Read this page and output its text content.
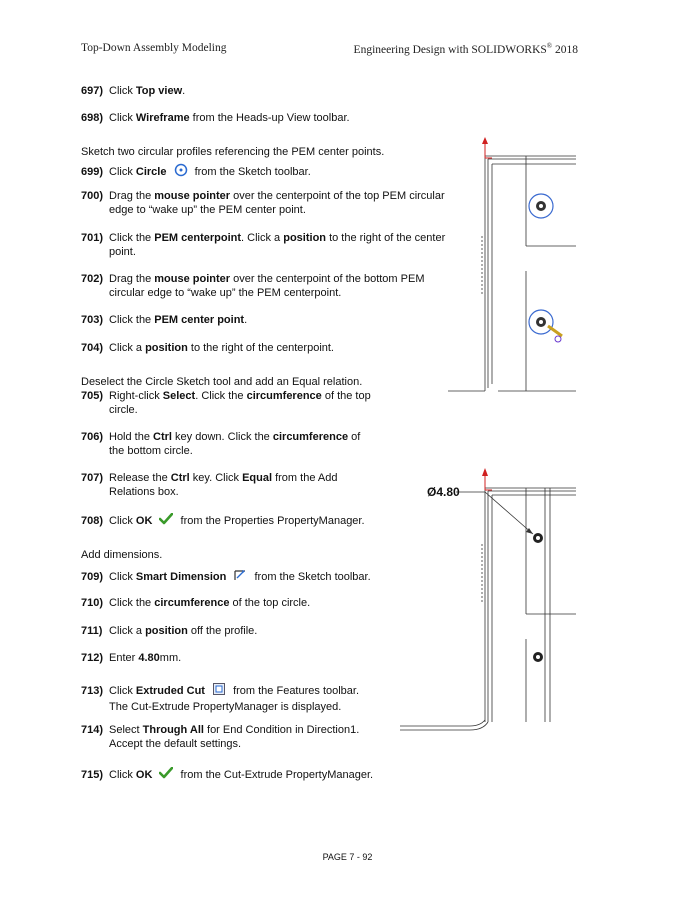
Top-Down Assembly Modeling	Engineering Design with SOLIDWORKS® 2018
697) Click Top view.
698) Click Wireframe from the Heads-up View toolbar.
Sketch two circular profiles referencing the PEM center points.
699) Click Circle  from the Sketch toolbar.
700) Drag the mouse pointer over the centerpoint of the top PEM circular
edge to “wake up” the PEM center point.
701) Click the PEM centerpoint. Click a position to the right of the center
point.
702) Drag the mouse pointer over the centerpoint of the bottom PEM
circular edge to “wake up” the PEM centerpoint.
703) Click the PEM center point.
704) Click a position to the right of the centerpoint.
Deselect the Circle Sketch tool and add an Equal relation.
705) Right-click Select. Click the circumference of the top
circle.
706) Hold the Ctrl key down. Click the circumference of
the bottom circle.
707) Release the Ctrl key. Click Equal from the Add
Relations box.
708) Click OK  from the Properties PropertyManager.
Add dimensions.
709) Click Smart Dimension  from the Sketch toolbar.
710) Click the circumference of the top circle.
711) Click a position off the profile.
712) Enter 4.80mm.
713) Click Extruded Cut  from the Features toolbar.
The Cut-Extrude PropertyManager is displayed.
714) Select Through All for End Condition in Direction1.
Accept the default settings.
715) Click OK  from the Cut-Extrude PropertyManager.
Ø4.80
PAGE 7 - 92
